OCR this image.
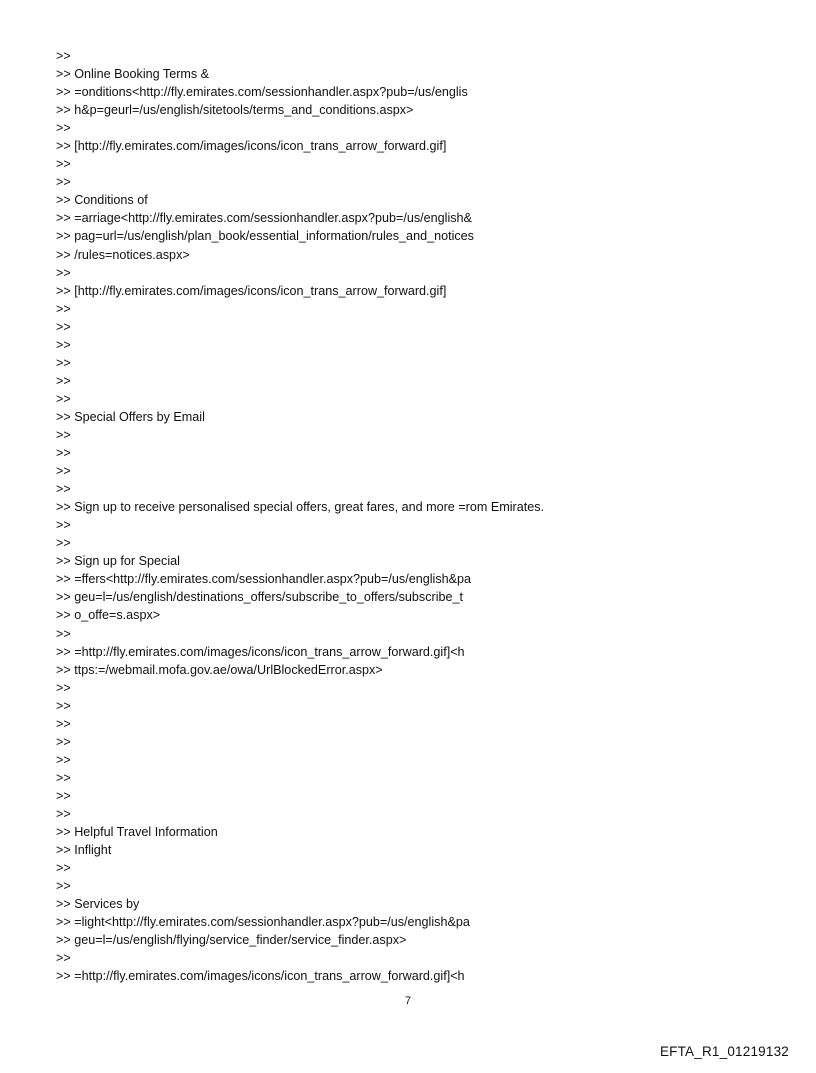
>>
>> Online Booking Terms &
>> =onditions<http://fly.emirates.com/sessionhandler.aspx?pub=/us/englis
>> h&p=geurl=/us/english/sitetools/terms_and_conditions.aspx>
>>
>> [http://fly.emirates.com/images/icons/icon_trans_arrow_forward.gif]
>>
>>
>> Conditions of
>> =arriage<http://fly.emirates.com/sessionhandler.aspx?pub=/us/english&
>> pag=url=/us/english/plan_book/essential_information/rules_and_notices
>> /rules=notices.aspx>
>>
>> [http://fly.emirates.com/images/icons/icon_trans_arrow_forward.gif]
>>
>>
>>
>>
>>
>>
>> Special Offers by Email
>>
>>
>>
>>
>> Sign up to receive personalised special offers, great fares, and more =rom Emirates.
>>
>>
>> Sign up for Special
>> =ffers<http://fly.emirates.com/sessionhandler.aspx?pub=/us/english&pa
>> geu=l=/us/english/destinations_offers/subscribe_to_offers/subscribe_t
>> o_offe=s.aspx>
>>
>> =http://fly.emirates.com/images/icons/icon_trans_arrow_forward.gif]<h
>> ttps:=/webmail.mofa.gov.ae/owa/UrlBlockedError.aspx>
>>
>>
>>
>>
>>
>>
>>
>>
>> Helpful Travel Information
>> Inflight
>>
>>
>> Services by
>> =light<http://fly.emirates.com/sessionhandler.aspx?pub=/us/english&pa
>> geu=l=/us/english/flying/service_finder/service_finder.aspx>
>>
>> =http://fly.emirates.com/images/icons/icon_trans_arrow_forward.gif]<h
7
EFTA_R1_01219132
